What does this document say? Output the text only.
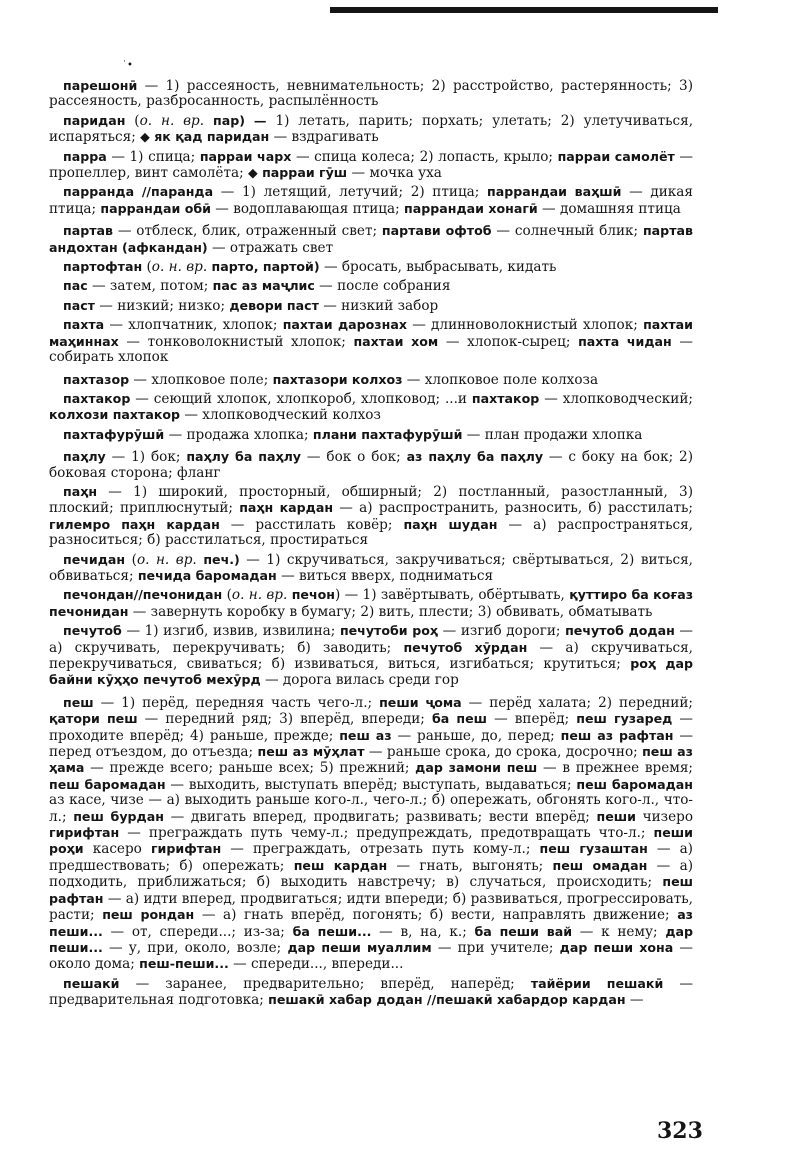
˙•

парешонӣ — 1) рассеяность, невнимательность; 2) расстройство, растерянность; 3) рассеяность, разбросанность, распылённость

паридан (о. н. вр. пар) — 1) летать, парить; порхать; улетать; 2) улетучиваться, испаряться; ◆ як қад паридан — вздрагивать

парра — 1) спица; парраи чарх — спица колеса; 2) лопасть, крыло; парраи самолёт — пропеллер, винт самолёта; ◆ парраи гӯш — мочка уха

парранда //паранда — 1) летящий, летучий; 2) птица; паррандаи ваҳшӣ — дикая птица; паррандаи обӣ — водоплавающая птица; паррандаи хонагӣ — домашняя птица

партав — отблеск, блик, отраженный свет; партави офтоб — солнечный блик; партав андохтан (афкандан) — отражать свет

партофтан (о. н. вр. парто, партой) — бросать, выбрасывать, кидать

пас — затем, потом; пас аз маҷлис — после собрания

паст — низкий; низко; девори паст — низкий забор

пахта — хлопчатник, хлопок; пахтаи дарознах — длинноволокнистый хлопок; пахтаи маҳиннах — тонковолокнистый хлопок; пахтаи хом — хлопок-сырец; пахта чидан — собирать хлопок

пахтазор — хлопковое поле; пахтазори колхоз — хлопковое поле колхоза

пахтакор — сеющий хлопок, хлопкороб, хлопковод; ...и пахтакор — хлопководческий; колхози пахтакор — хлопководческий колхоз

пахтафурӯшӣ — продажа хлопка; плани пахтафурӯшӣ — план продажи хлопка

паҳлу — 1) бок; паҳлу ба паҳлу — бок о бок; аз паҳлу ба паҳлу — с боку на бок; 2) боковая сторона; фланг

паҳн — 1) широкий, просторный, обширный; 2) постланный, разостланный, 3) плоский; приплюснутый; паҳн кардан — а) распространить, разносить, б) расстилать; гилемро паҳн кардан — расстилать ковёр; паҳн шудан — а) распространяться, разноситься; б) расстилаться, простираться

печидан (о. н. вр. печ.) — 1) скручиваться, закручиваться; свёртываться, 2) виться, обвиваться; печида баромадан — виться вверх, подниматься

печондан//печонидан (о. н. вр. печон) — 1) завёртывать, обёртывать, қуттиро ба коғаз печонидан — завернуть коробку в бумагу; 2) вить, плести; 3) обвивать, обматывать

печутоб — 1) изгиб, извив, извилина; печутоби роҳ — изгиб дороги; печутоб додан — а) скручивать, перекручивать; б) заводить; печутоб хӯрдан — а) скручиваться, перекручиваться, свиваться; б) извиваться, виться, изгибаться; крутиться; роҳ дар байни кӯҳҳо печутоб мехӯрд — дорога вилась среди гор

пеш — 1) перёд, передняя часть чего-л.; пеши ҷома — перёд халата; 2) передний; қатори пеш — передний ряд; 3) вперёд, впереди; ба пеш — вперёд; пеш гузаред — проходите вперёд; 4) раньше, прежде; пеш аз — раньше, до, перед; пеш аз рафтан — перед отъездом, до отъезда; пеш аз мӯҳлат — раньше срока, до срока, досрочно; пеш аз ҳама — прежде всего; раньше всех; 5) прежний; дар замони пеш — в прежнее время; пеш баромадан — выходить, выступать вперёд; выступать, выдаваться; пеш баромадан аз касе, чизе — а) выходить раньше кого-л., чего-л.; б) опережать, обгонять кого-л., что-л.; пеш бурдан — двигать вперед, продвигать; развивать; вести вперёд; пеши чизеро гирифтан — преграждать путь чему-л.; предупреждать, предотвращать что-л.; пеши роҳи касеро гирифтан — преграждать, отрезать путь кому-л.; пеш гузаштан — а) предшествовать; б) опережать; пеш кардан — гнать, выгонять; пеш омадан — а) подходить, приближаться; б) выходить навстречу; в) случаться, происходить; пеш рафтан — а) идти вперед, продвигаться; идти впереди; б) развиваться, прогрессировать, расти; пеш рондан — а) гнать вперёд, погонять; б) вести, направлять движение; аз пеши... — от, спереди...; из-за; ба пеши... — в, на, к.; ба пеши вай — к нему; дар пеши... — у, при, около, возле; дар пеши муаллим — при учителе; дар пеши хона — около дома; пеш-пеши... — спереди..., впереди...

пешакӣ — заранее, предварительно; вперёд, наперёд; тайёрии пешакӣ — предварительная подготовка; пешакӣ хабар додан //пешакӣ хабардор кардан —

323
